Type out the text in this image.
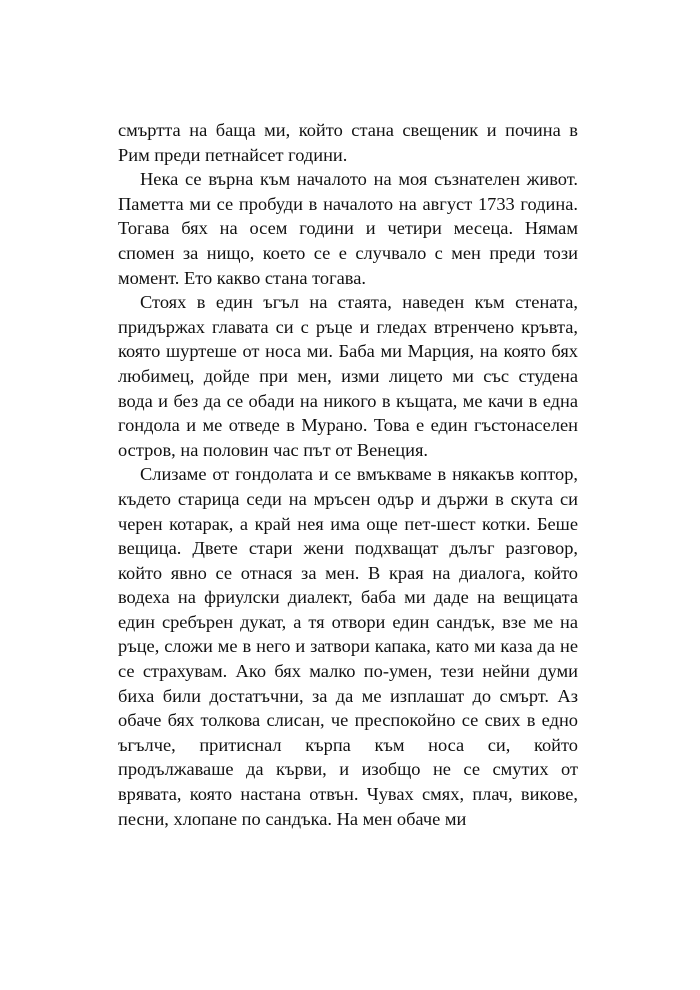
смъртта на баща ми, който стана свещеник и почина в Рим преди петнайсет години.

Нека се върна към началото на моя съзнателен живот. Паметта ми се пробуди в началото на август 1733 година. Тогава бях на осем години и четири месеца. Нямам спомен за нищо, което се е случвало с мен преди този момент. Ето какво стана тогава.

Стоях в един ъгъл на стаята, наведен към стената, придържах главата си с ръце и гледах втренчено кръвта, която шуртеше от носа ми. Баба ми Марция, на която бях любимец, дойде при мен, изми лицето ми със студена вода и без да се обади на никого в къщата, ме качи в една гондола и ме отведе в Мурано. Това е един гъстонаселен остров, на половин час път от Венеция.

Слизаме от гондолата и се вмъкваме в някакъв коптор, където старица седи на мръсен одър и държи в скута си черен котарак, а край нея има още пет-шест котки. Беше вещица. Двете стари жени подхващат дълъг разговор, който явно се отнася за мен. В края на диалога, който водеха на фриулски диалект, баба ми даде на вещицата един сребърен дукат, а тя отвори един сандък, взе ме на ръце, сложи ме в него и затвори капака, като ми каза да не се страхувам. Ако бях малко по-умен, тези нейни думи биха били достатъчни, за да ме изплашат до смърт. Аз обаче бях толкова слисан, че преспокойно се свих в едно ъгълче, притиснал кърпа към носа си, който продължаваше да кърви, и изобщо не се смутих от врявата, която настана отвън. Чувах смях, плач, викове, песни, хлопане по сандъка. На мен обаче ми
